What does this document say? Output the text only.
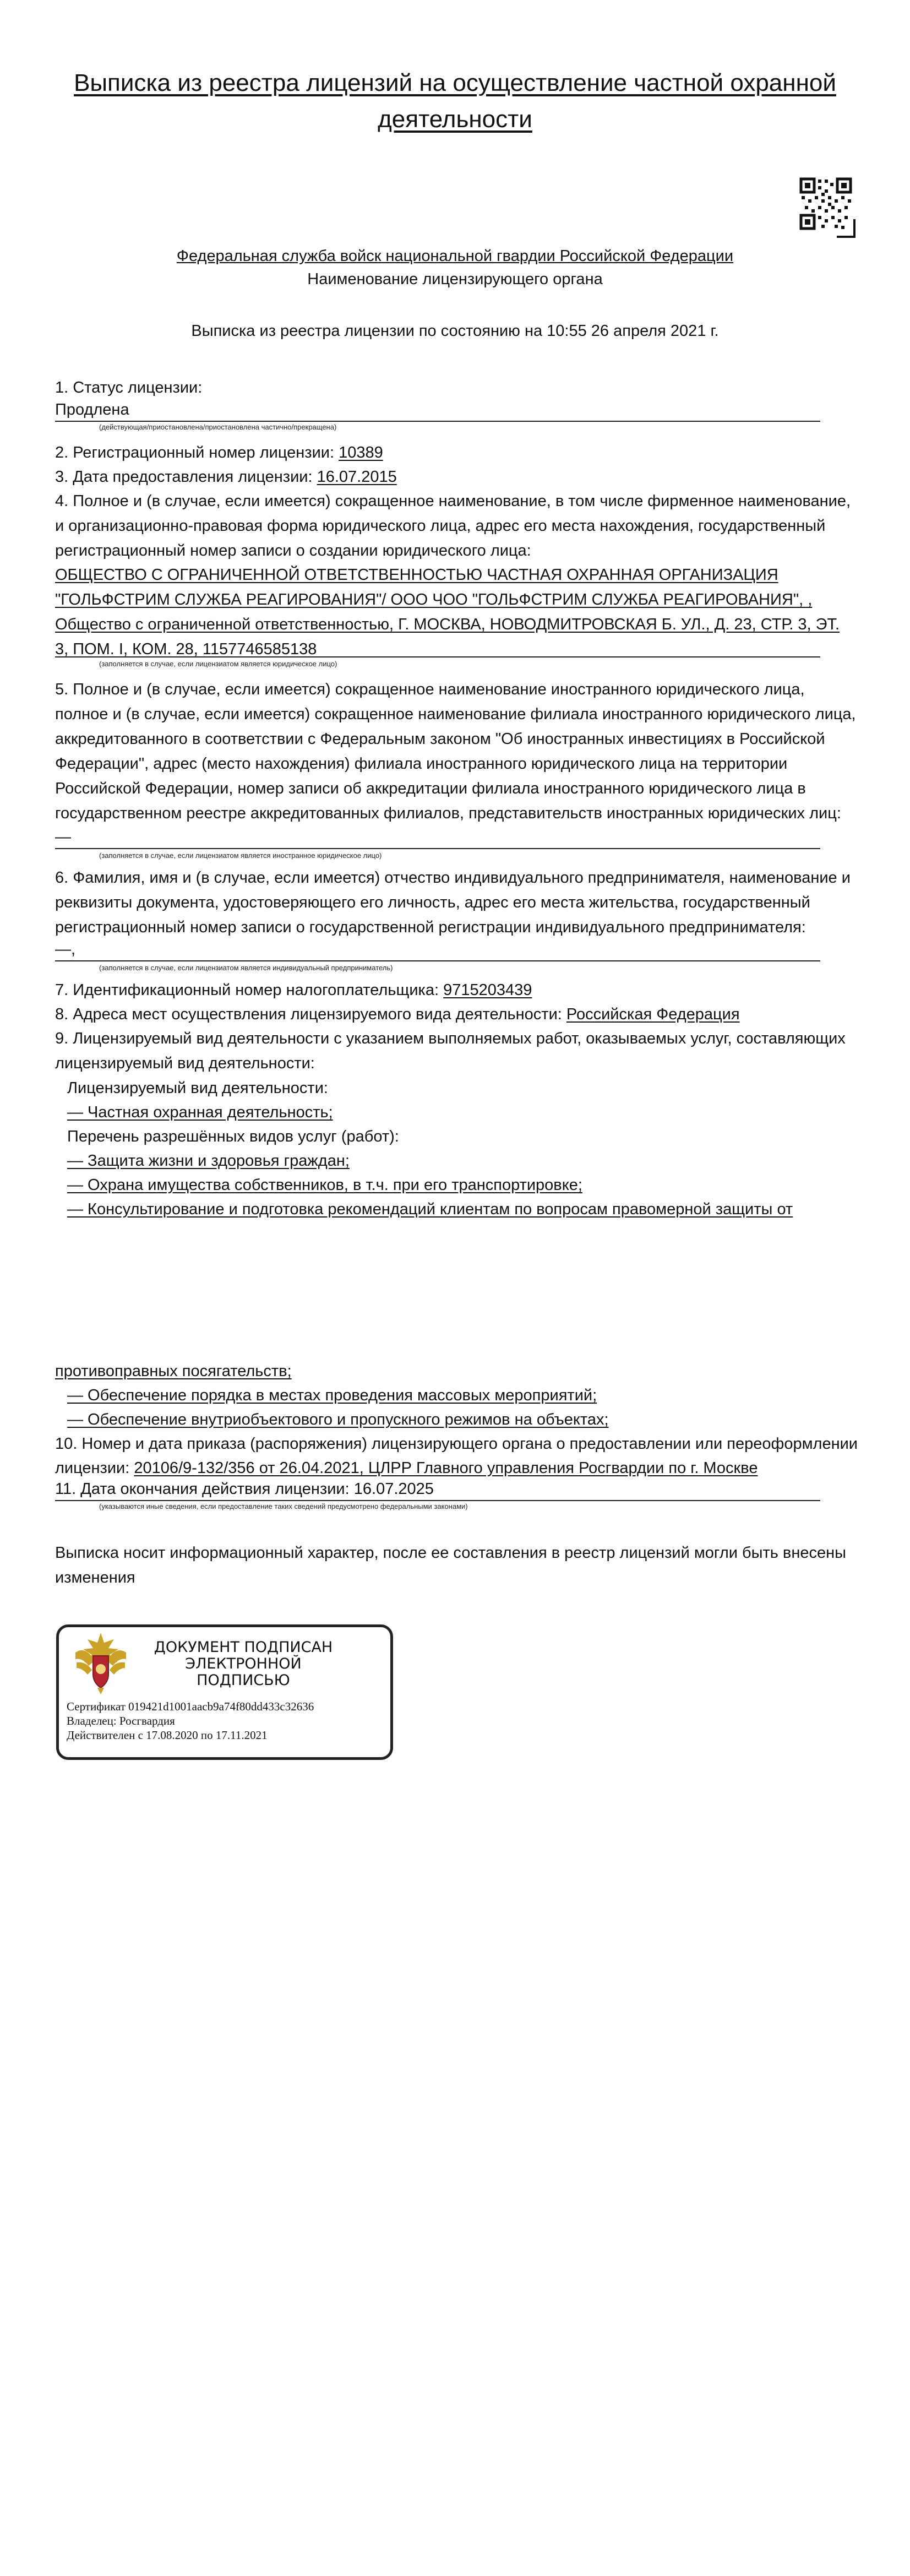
Выписка из реестра лицензий на осуществление частной охранной деятельности
Федеральная служба войск национальной гвардии Российской Федерации
Наименование лицензирующего органа
Выписка из реестра лицензии по состоянию на 10:55 26 апреля 2021 г.
1. Статус лицензии:
Продлена
(действующая/приостановлена/приостановлена частично/прекращена)
2. Регистрационный номер лицензии: 10389
3. Дата предоставления лицензии: 16.07.2015
4. Полное и (в случае, если имеется) сокращенное наименование, в том числе фирменное наименование, и организационно-правовая форма юридического лица, адрес его места нахождения, государственный регистрационный номер записи о создании юридического лица:
ОБЩЕСТВО С ОГРАНИЧЕННОЙ ОТВЕТСТВЕННОСТЬЮ ЧАСТНАЯ ОХРАННАЯ ОРГАНИЗАЦИЯ "ГОЛЬФСТРИМ СЛУЖБА РЕАГИРОВАНИЯ"/ ООО ЧОО "ГОЛЬФСТРИМ СЛУЖБА РЕАГИРОВАНИЯ", , Общество с ограниченной ответственностью, Г. МОСКВА, НОВОДМИТРОВСКАЯ Б. УЛ., Д. 23, СТР. 3, ЭТ. 3, ПОМ. I, КОМ. 28, 1157746585138
(заполняется в случае, если лицензиатом является юридическое лицо)
5. Полное и (в случае, если имеется) сокращенное наименование иностранного юридического лица, полное и (в случае, если имеется) сокращенное наименование филиала иностранного юридического лица, аккредитованного в соответствии с Федеральным законом "Об иностранных инвестициях в Российской Федерации", адрес (место нахождения) филиала иностранного юридического лица на территории Российской Федерации, номер записи об аккредитации филиала иностранного юридического лица в государственном реестре аккредитованных филиалов, представительств иностранных юридических лиц:
—
(заполняется в случае, если лицензиатом является иностранное юридическое лицо)
6. Фамилия, имя и (в случае, если имеется) отчество индивидуального предпринимателя, наименование и реквизиты документа, удостоверяющего его личность, адрес его места жительства, государственный регистрационный номер записи о государственной регистрации индивидуального предпринимателя:
—,
(заполняется в случае, если лицензиатом является индивидуальный предприниматель)
7. Идентификационный номер налогоплательщика: 9715203439
8. Адреса мест осуществления лицензируемого вида деятельности: Российская Федерация
9. Лицензируемый вид деятельности с указанием выполняемых работ, оказываемых услуг, составляющих лицензируемый вид деятельности:
Лицензируемый вид деятельности:
— Частная охранная деятельность;
Перечень разрешённых видов услуг (работ):
— Защита жизни и здоровья граждан;
— Охрана имущества собственников, в т.ч. при его транспортировке;
— Консультирование и подготовка рекомендаций клиентам по вопросам правомерной защиты от
противоправных посягательств;
— Обеспечение порядка в местах проведения массовых мероприятий;
— Обеспечение внутриобъектового и пропускного режимов на объектах;
10. Номер и дата приказа (распоряжения) лицензирующего органа о предоставлении или переоформлении
лицензии: 20106/9-132/356 от 26.04.2021, ЦЛРР Главного управления Росгвардии по г. Москве
11. Дата окончания действия лицензии: 16.07.2025
(указываются иные сведения, если предоставление таких сведений предусмотрено федеральными законами)
Выписка носит информационный характер, после ее составления в реестр лицензий могли быть внесены изменения
ДОКУМЕНТ ПОДПИСАН
ЭЛЕКТРОННОЙ ПОДПИСЬЮ
Сертификат 019421d1001aacb9a74f80dd433c32636
Владелец: Росгвардия
Действителен с 17.08.2020 по 17.11.2021
